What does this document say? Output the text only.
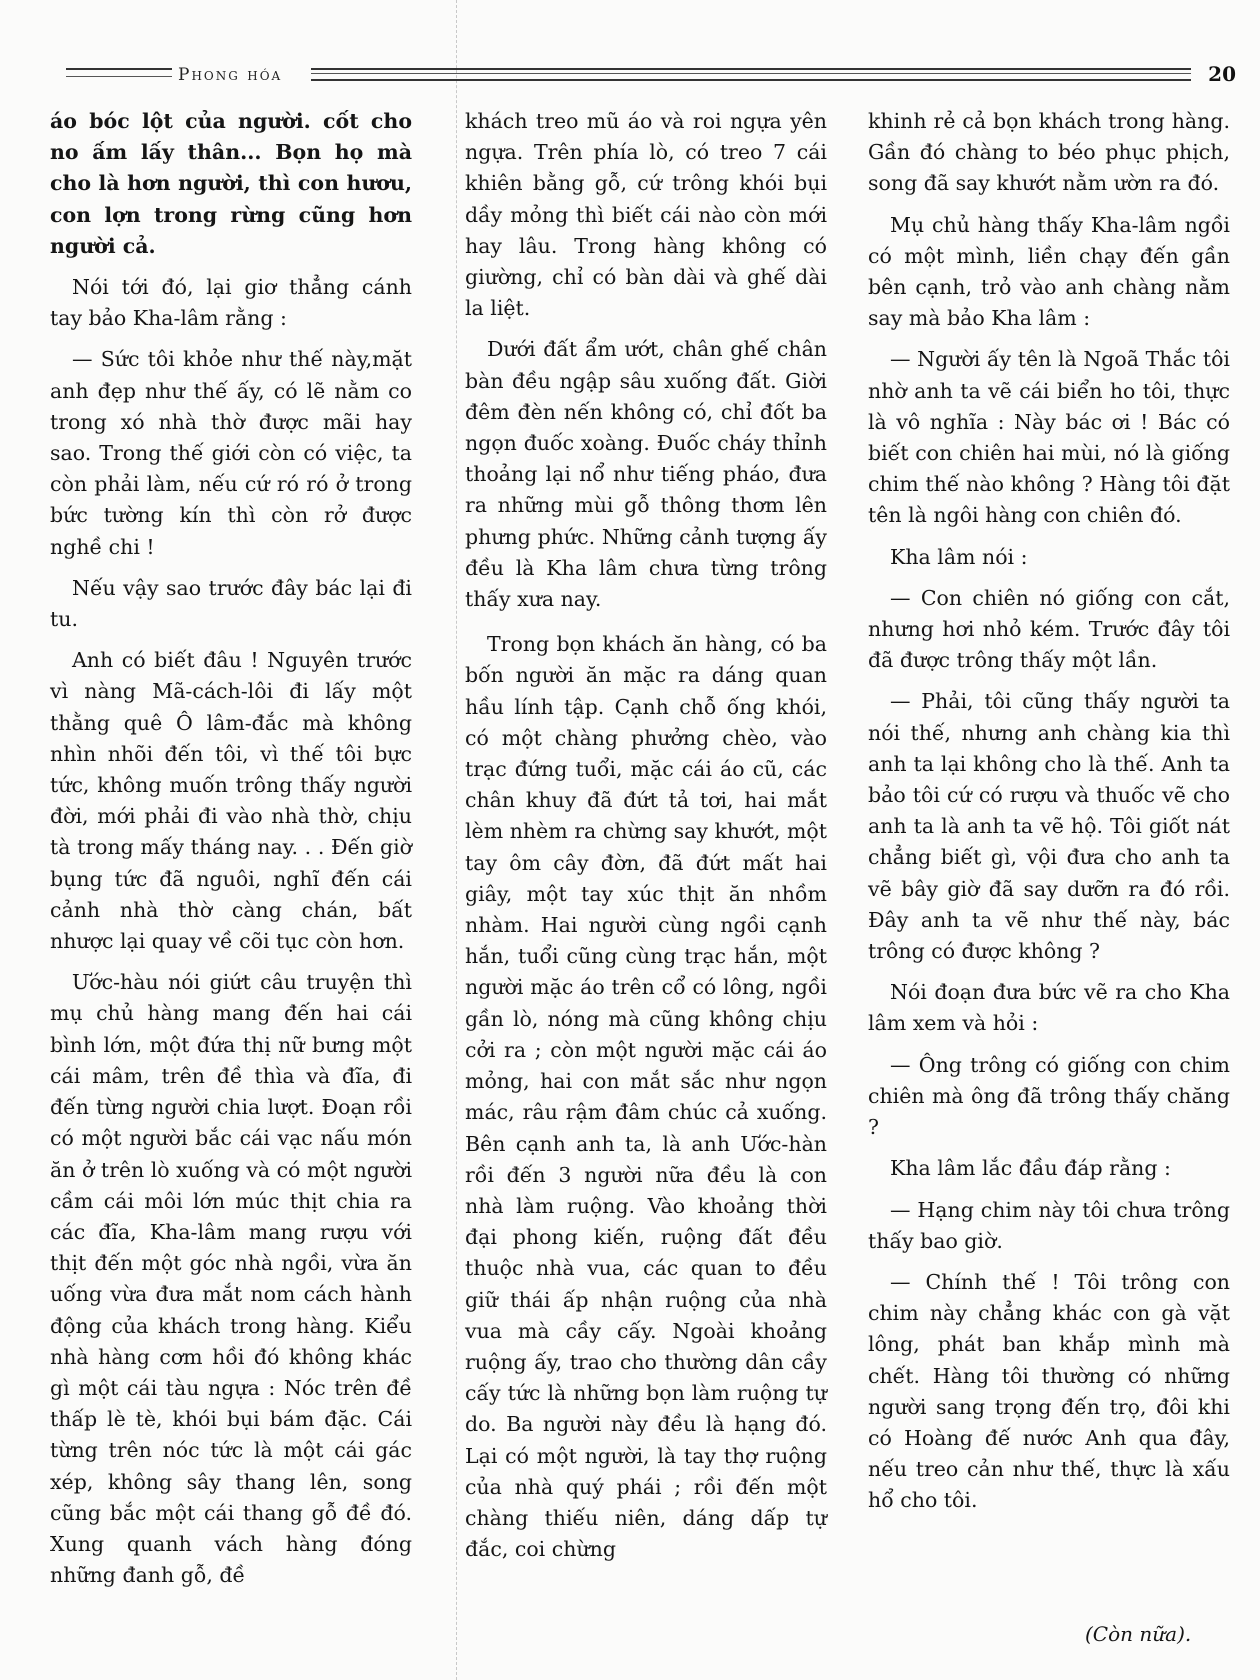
Phong hóa	20

áo bóc lột của người. cốt cho no ấm lấy thân... Bọn họ mà cho là hơn người, thì con hươu, con lợn trong rừng cũng hơn người cả.

Nói tới đó, lại giơ thẳng cánh tay bảo Kha-lâm rằng :

— Sức tôi khỏe như thế này,mặt anh đẹp như thế ấy, có lẽ nằm co trong xó nhà thờ được mãi hay sao. Trong thế giới còn có việc, ta còn phải làm, nếu cứ ró ró ở trong bức tường kín thì còn rở được nghề chi !

Nếu vậy sao trước đây bác lại đi tu.

Anh có biết đâu ! Nguyên trước vì nàng Mã-cách-lôi đi lấy một thằng quê Ô lâm-đắc mà không nhìn nhõi đến tôi, vì thế tôi bực tức, không muốn trông thấy người đời, mới phải đi vào nhà thờ, chịu tà trong mấy tháng nay. . . Đến giờ bụng tức đã nguôi, nghĩ đến cái cảnh nhà thờ càng chán, bất nhược lại quay về cõi tục còn hơn.

Ước-hàu nói giứt câu truyện thì mụ chủ hàng mang đến hai cái bình lớn, một đứa thị nữ bưng một cái mâm, trên đề thìa và đĩa, đi đến từng người chia lượt. Đoạn rồi có một người bắc cái vạc nấu món ăn ở trên lò xuống và có một người cầm cái môi lớn múc thịt chia ra các đĩa, Kha-lâm mang rượu với thịt đến một góc nhà ngồi, vừa ăn uống vừa đưa mắt nom cách hành động của khách trong hàng. Kiểu nhà hàng cơm hồi đó không khác gì một cái tàu ngựa : Nóc trên đề thấp lè tè, khói bụi bám đặc. Cái từng trên nóc tức là một cái gác xép, không sây thang lên, song cũng bắc một cái thang gỗ đề đó. Xung quanh vách hàng đóng những đanh gỗ, đề

khách treo mũ áo và roi ngựa yên ngựa. Trên phía lò, có treo 7 cái khiên bằng gỗ, cứ trông khói bụi dầy mỏng thì biết cái nào còn mới hay lâu. Trong hàng không có giường, chỉ có bàn dài và ghế dài la liệt.

Dưới đất ẩm ướt, chân ghế chân bàn đều ngập sâu xuống đất. Giời đêm đèn nến không có, chỉ đốt ba ngọn đuốc xoàng. Đuốc cháy thỉnh thoảng lại nổ như tiếng pháo, đưa ra những mùi gỗ thông thơm lên phưng phức. Những cảnh tượng ấy đều là Kha lâm chưa từng trông thấy xưa nay.

Trong bọn khách ăn hàng, có ba bốn người ăn mặc ra dáng quan hầu lính tập. Cạnh chỗ ống khói, có một chàng phưởng chèo, vào trạc đứng tuổi, mặc cái áo cũ, các chân khuy đã đứt tả tơi, hai mắt lèm nhèm ra chừng say khướt, một tay ôm cây đờn, đã đứt mất hai giây, một tay xúc thịt ăn nhồm nhàm. Hai người cùng ngồi cạnh hắn, tuổi cũng cùng trạc hắn, một người mặc áo trên cổ có lông, ngồi gần lò, nóng mà cũng không chịu cởi ra ; còn một người mặc cái áo mỏng, hai con mắt sắc như ngọn mác, râu rậm đâm chúc cả xuống. Bên cạnh anh ta, là anh Ước-hàn rồi đến 3 người nữa đều là con nhà làm ruộng. Vào khoảng thời đại phong kiến, ruộng đất đều thuộc nhà vua, các quan to đều giữ thái ấp nhận ruộng của nhà vua mà cầy cấy. Ngoài khoảng ruộng ấy, trao cho thường dân cầy cấy tức là những bọn làm ruộng tự do. Ba người này đều là hạng đó. Lại có một người, là tay thợ ruộng của nhà quý phái ; rồi đến một chàng thiếu niên, dáng dấp tự đắc, coi chừng

khinh rẻ cả bọn khách trong hàng. Gần đó chàng to béo phục phịch, song đã say khướt nằm ườn ra đó.

Mụ chủ hàng thấy Kha-lâm ngồi có một mình, liền chạy đến gần bên cạnh, trỏ vào anh chàng nằm say mà bảo Kha lâm :

— Người ấy tên là Ngoã Thắc tôi nhờ anh ta vẽ cái biển ho tôi, thực là vô nghĩa : Này bác ơi ! Bác có biết con chiên hai mùi, nó là giống chim thế nào không ? Hàng tôi đặt tên là ngôi hàng con chiên đó.

Kha lâm nói :

— Con chiên nó giống con cắt, nhưng hơi nhỏ kém. Trước đây tôi đã được trông thấy một lần.

— Phải, tôi cũng thấy người ta nói thế, nhưng anh chàng kia thì anh ta lại không cho là thế. Anh ta bảo tôi cứ có rượu và thuốc vẽ cho anh ta là anh ta vẽ hộ. Tôi giốt nát chẳng biết gì, vội đưa cho anh ta vẽ bây giờ đã say dưỡn ra đó rồi. Đây anh ta vẽ như thế này, bác trông có được không ?

Nói đoạn đưa bức vẽ ra cho Kha lâm xem và hỏi :

— Ông trông có giống con chim chiên mà ông đã trông thấy chăng ?

Kha lâm lắc đầu đáp rằng :

— Hạng chim này tôi chưa trông thấy bao giờ.

— Chính thế ! Tôi trông con chim này chẳng khác con gà vặt lông, phát ban khắp mình mà chết. Hàng tôi thường có những người sang trọng đến trọ, đôi khi có Hoàng đế nước Anh qua đây, nếu treo cản như thế, thực là xấu hổ cho tôi.

(Còn nữa).
